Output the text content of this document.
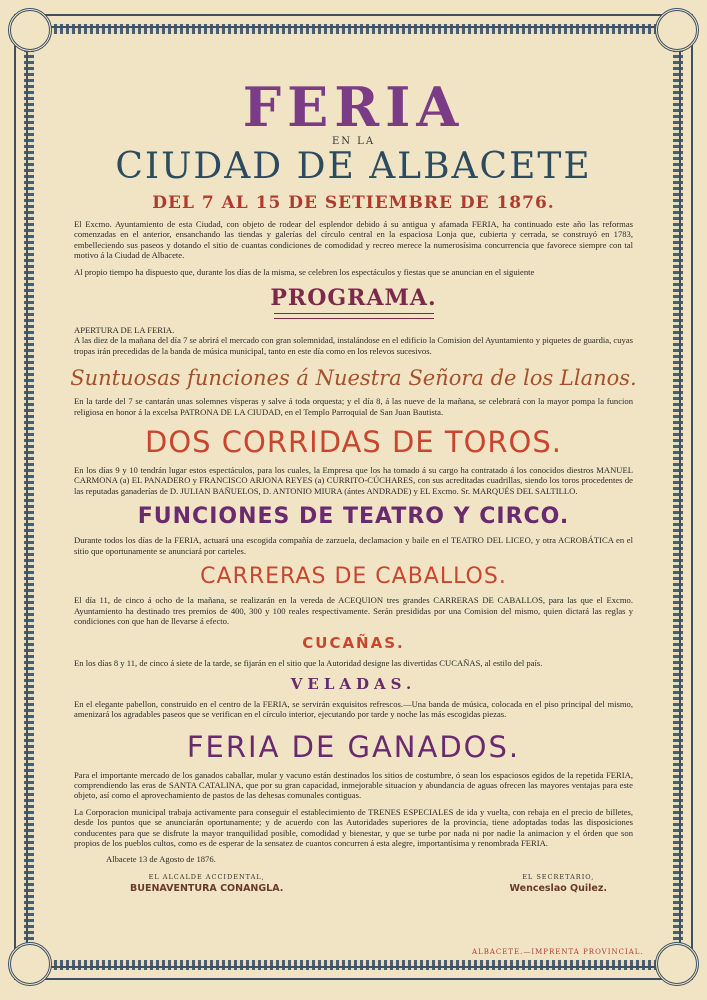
FERIA
EN LA
CIUDAD DE ALBACETE
DEL 7 AL 15 DE SETIEMBRE DE 1876.

El Excmo. Ayuntamiento de esta Ciudad, con objeto de rodear del esplendor debido á su antigua y afamada FERIA, ha continuado este año las reformas comenzadas en el anterior, ensanchando las tiendas y galerías del círculo central en la espaciosa Lonja que, cubierta y cerrada, se construyó en 1783, embelleciendo sus paseos y dotando el sitio de cuantas condiciones de comodidad y recreo merece la numerosísima concurrencia que favorece siempre con tal motivo á la Ciudad de Albacete.

Al propio tiempo ha dispuesto que, durante los días de la misma, se celebren los espectáculos y fiestas que se anuncian en el siguiente

PROGRAMA.

APERTURA DE LA FERIA.

A las diez de la mañana del día 7 se abrirá el mercado con gran solemnidad, instalándose en el edificio la Comision del Ayuntamiento y piquetes de guardia, cuyas tropas irán precedidas de la banda de música municipal, tanto en este día como en los relevos sucesivos.

Suntuosas funciones á Nuestra Señora de los Llanos.

En la tarde del 7 se cantarán unas solemnes vísperas y salve á toda orquesta; y el día 8, á las nueve de la mañana, se celebrará con la mayor pompa la funcion religiosa en honor á la excelsa PATRONA DE LA CIUDAD, en el Templo Parroquial de San Juan Bautista.

DOS CORRIDAS DE TOROS.

En los días 9 y 10 tendrán lugar estos espectáculos, para los cuales, la Empresa que los ha tomado á su cargo ha contratado á los conocidos diestros MANUEL CARMONA (a) EL PANADERO y FRANCISCO ARJONA REYES (a) CURRITO-CÚCHARES, con sus acreditadas cuadrillas, siendo los toros procedentes de las reputadas ganaderías de D. JULIAN BAÑUELOS, D. ANTONIO MIURA (ántes ANDRADE) y EL Excmo. Sr. MARQUÉS DEL SALTILLO.

FUNCIONES DE TEATRO Y CIRCO.

Durante todos los días de la FERIA, actuará una escogida compañía de zarzuela, declamacion y baile en el TEATRO DEL LICEO, y otra ACROBÁTICA en el sitio que oportunamente se anunciará por carteles.

CARRERAS DE CABALLOS.

El día 11, de cinco á ocho de la mañana, se realizarán en la vereda de ACEQUION tres grandes CARRERAS DE CABALLOS, para las que el Excmo. Ayuntamiento ha destinado tres premios de 400, 300 y 100 reales respectivamente. Serán presididas por una Comision del mismo, quien dictará las reglas y condiciones con que han de llevarse á efecto.

CUCAÑAS.

En los días 8 y 11, de cinco á siete de la tarde, se fijarán en el sitio que la Autoridad designe las divertidas CUCAÑAS, al estilo del país.

VELADAS.

En el elegante pabellon, construido en el centro de la FERIA, se servirán exquisitos refrescos.—Una banda de música, colocada en el piso principal del mismo, amenizará los agradables paseos que se verifican en el círculo interior, ejecutando por tarde y noche las más escogidas piezas.

FERIA DE GANADOS.

Para el importante mercado de los ganados caballar, mular y vacuno están destinados los sitios de costumbre, ó sean los espaciosos egidos de la repetida FERIA, comprendiendo las eras de SANTA CATALINA, que por su gran capacidad, inmejorable situacion y abundancia de aguas ofrecen las mayores ventajas para este objeto, así como el aprovechamiento de pastos de las dehesas comunales contiguas.

La Corporacion municipal trabaja activamente para conseguir el establecimiento de TRENES ESPECIALES de ida y vuelta, con rebaja en el precio de billetes, desde los puntos que se anunciarán oportunamente; y de acuerdo con las Autoridades superiores de la provincia, tiene adoptadas todas las disposiciones conducentes para que se disfrute la mayor tranquilidad posible, comodidad y bienestar, y que se turbe por nada ni por nadie la animacion y el órden que son propios de los pueblos cultos, como es de esperar de la sensatez de cuantos concurren á esta alegre, importantísima y renombrada FERIA.

Albacete 13 de Agosto de 1876.

EL ALCALDE ACCIDENTAL,
BUENAVENTURA CONANGLA.
EL SECRETARIO,
Wenceslao Quilez.
ALBACETE.—IMPRENTA PROVINCIAL.
